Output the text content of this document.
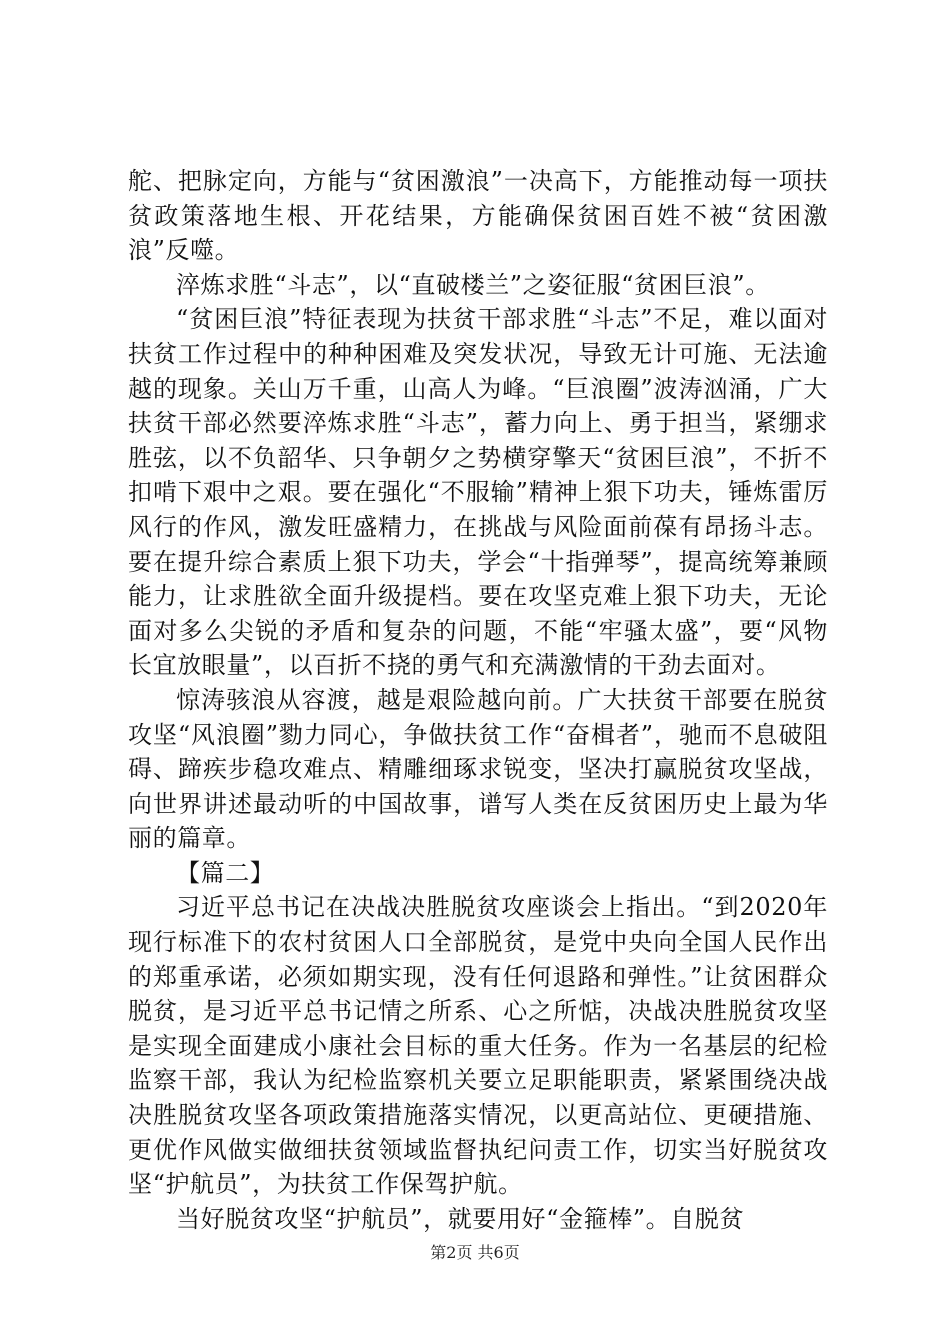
舵、把脉定向，方能与“贫困激浪”一决高下，方能推动每一项扶贫政策落地生根、开花结果，方能确保贫困百姓不被“贫困激浪”反噬。

淬炼求胜“斗志”，以“直破楼兰”之姿征服“贫困巨浪”。

“贫困巨浪”特征表现为扶贫干部求胜“斗志”不足，难以面对扶贫工作过程中的种种困难及突发状况，导致无计可施、无法逾越的现象。关山万千重，山高人为峰。“巨浪圈”波涛汹涌，广大扶贫干部必然要淬炼求胜“斗志”，蓄力向上、勇于担当，紧绷求胜弦，以不负韶华、只争朝夕之势横穿擎天“贫困巨浪”，不折不扣啃下艰中之艰。要在强化“不服输”精神上狠下功夫，锤炼雷厉风行的作风，激发旺盛精力，在挑战与风险面前葆有昂扬斗志。要在提升综合素质上狠下功夫，学会“十指弹琴”，提高统筹兼顾能力，让求胜欲全面升级提档。要在攻坚克难上狠下功夫，无论面对多么尖锐的矛盾和复杂的问题，不能“牢骚太盛”，要“风物长宜放眼量”，以百折不挠的勇气和充满激情的干劲去面对。

惊涛骇浪从容渡，越是艰险越向前。广大扶贫干部要在脱贫攻坚“风浪圈”勠力同心，争做扶贫工作“奋楫者”，驰而不息破阻碍、蹄疾步稳攻难点、精雕细琢求锐变，坚决打赢脱贫攻坚战，向世界讲述最动听的中国故事，谱写人类在反贫困历史上最为华丽的篇章。

【篇二】

习近平总书记在决战决胜脱贫攻座谈会上指出。“到2020年现行标准下的农村贫困人口全部脱贫，是党中央向全国人民作出的郑重承诺，必须如期实现，没有任何退路和弹性。”让贫困群众脱贫，是习近平总书记情之所系、心之所惦，决战决胜脱贫攻坚是实现全面建成小康社会目标的重大任务。作为一名基层的纪检监察干部，我认为纪检监察机关要立足职能职责，紧紧围绕决战决胜脱贫攻坚各项政策措施落实情况，以更高站位、更硬措施、更优作风做实做细扶贫领域监督执纪问责工作，切实当好脱贫攻坚“护航员”，为扶贫工作保驾护航。

当好脱贫攻坚“护航员”，就要用好“金箍棒”。自脱贫

第2页 共6页
